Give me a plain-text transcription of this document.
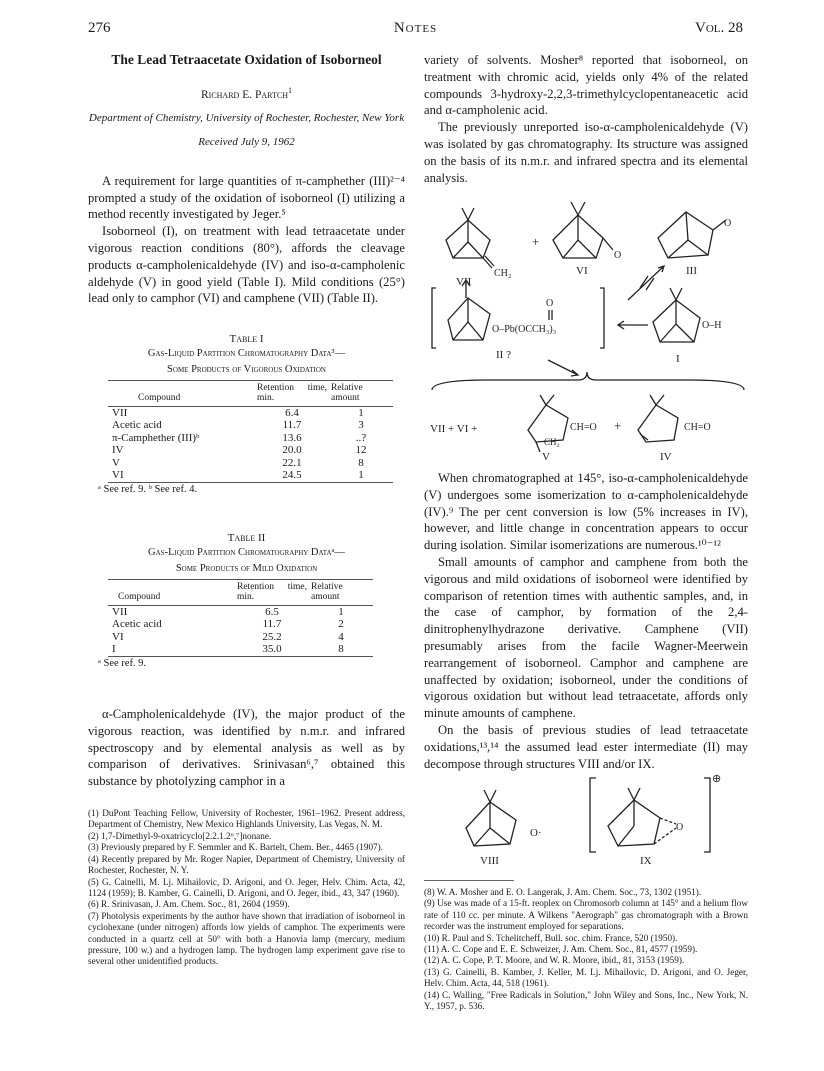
276	Notes	Vol. 28
The Lead Tetraacetate Oxidation of Isoborneol
Richard E. Partch$^1$
Department of Chemistry, University of Rochester, Rochester, New York
Received July 9, 1962

A requirement for large quantities of π-camphether (III)²⁻⁴ prompted a study of the oxidation of isoborneol (I) utilizing a method recently investigated by Jeger.⁵

Isoborneol (I), on treatment with lead tetraacetate under vigorous reaction conditions (80°), affords the cleavage products α-campholenicaldehyde (IV) and iso-α-campholenic aldehyde (V) in good yield (Table I). Mild conditions (25°) lead only to camphor (VI) and camphene (VII) (Table II).

Table I
Gas-Liquid Partition Chromatography Data³—
Some Products of Vigorous Oxidation
Compound	Retention time, min.	Relative amount
VII	6.4	1
Acetic acid	11.7	3
π-Camphether (III)ᵇ	13.6	..?
IV	20.0	12
V	22.1	8
VI	24.5	1
ᵃ See ref. 9. ᵇ See ref. 4.
Table II
Gas-Liquid Partition Chromatography Dataᵃ—
Some Products of Mild Oxidation
Compound	Retention time, min.	Relative amount
VII	6.5	1
Acetic acid	11.7	2
VI	25.2	4
I	35.0	8
ᵃ See ref. 9.

α-Campholenicaldehyde (IV), the major product of the vigorous reaction, was identified by n.m.r. and infrared spectroscopy and by elemental analysis as well as by comparison of derivatives. Srinivasan⁶,⁷ obtained this substance by photolyzing camphor in a

(1) DuPont Teaching Fellow, University of Rochester, 1961–1962. Present address, Department of Chemistry, New Mexico Highlands University, Las Vegas, N. M.
(2) 1,7-Dimethyl-9-oxatricyclo[2.2.1.2⁶,⁷]nonane.
(3) Previously prepared by F. Semmler and K. Bartelt, Chem. Ber., 4465 (1907).
(4) Recently prepared by Mr. Roger Napier, Department of Chemistry, University of Rochester, Rochester, N. Y.
(5) G. Cainelli, M. Lj. Mihailovic, D. Arigoni, and O. Jeger, Helv. Chim. Acta, 42, 1124 (1959); B. Kamber, G. Cainelli, D. Arigoni, and O. Jeger, ibid., 43, 347 (1960).
(6) R. Srinivasan, J. Am. Chem. Soc., 81, 2604 (1959).
(7) Photolysis experiments by the author have shown that irradiation of isoborneol in cyclohexane (under nitrogen) affords low yields of camphor. The experiments were conducted in a quartz cell at 50° with both a Hanovia lamp (mercury, medium pressure, 100 w.) and a hydrogen lamp. The hydrogen lamp experiment gave rise to several other unidentified products.

variety of solvents. Mosher⁸ reported that isoborneol, on treatment with chromic acid, yields only 4% of the related compounds 3-hydroxy-2,2,3-trimethylcyclopentaneacetic acid and α-campholenic acid.

The previously unreported iso-α-campholenicaldehyde (V) was isolated by gas chromatography. Its structure was assigned on the basis of its n.m.r. and infrared spectra and its elemental analysis.

CH₂
VII
+
O
VI
O
III
O–Pb(OCCH₃)₃
O
II ?
O–H
I
VII + VI +	CH=O
CH₂
V
+	CH=O
IV

When chromatographed at 145°, iso-α-campholenicaldehyde (V) undergoes some isomerization to α-campholenicaldehyde (IV).⁹ The per cent conversion is low (5% increases in IV), however, and little change in concentration appears to occur during isolation. Similar isomerizations are numerous.¹⁰⁻¹²

Small amounts of camphor and camphene from both the vigorous and mild oxidations of isoborneol were identified by comparison of retention times with authentic samples, and, in the case of camphor, by formation of the 2,4-dinitrophenylhydrazone derivative. Camphene (VII) presumably arises from the facile Wagner-Meerwein rearrangement of isoborneol. Camphor and camphene are unaffected by oxidation; isoborneol, under the conditions of vigorous oxidation but without lead tetraacetate, affords only minute amounts of camphene.

On the basis of previous studies of lead tetraacetate oxidations,¹³,¹⁴ the assumed lead ester intermediate (II) may decompose through structures VIII and/or IX.

O·
VIII
O
⊕
IX
(8) W. A. Mosher and E. O. Langerak, J. Am. Chem. Soc., 73, 1302 (1951).
(9) Use was made of a 15-ft. reoplex on Chromosorb column at 145° and a helium flow rate of 110 cc. per minute. A Wilkens "Aerograph" gas chromatograph with a Brown recorder was the instrument employed for separations.
(10) R. Paul and S. Tchelitcheff, Bull. soc. chim. France, 520 (1950).
(11) A. C. Cope and E. E. Schweizer, J. Am. Chem. Soc., 81, 4577 (1959).
(12) A. C. Cope, P. T. Moore, and W. R. Moore, ibid., 81, 3153 (1959).
(13) G. Cainelli, B. Kamber, J. Keller, M. Lj. Mihailovic, D. Arigoni, and O. Jeger, Helv. Chim. Acta, 44, 518 (1961).
(14) C. Walling, "Free Radicals in Solution," John Wiley and Sons, Inc., New York, N. Y., 1957, p. 536.
